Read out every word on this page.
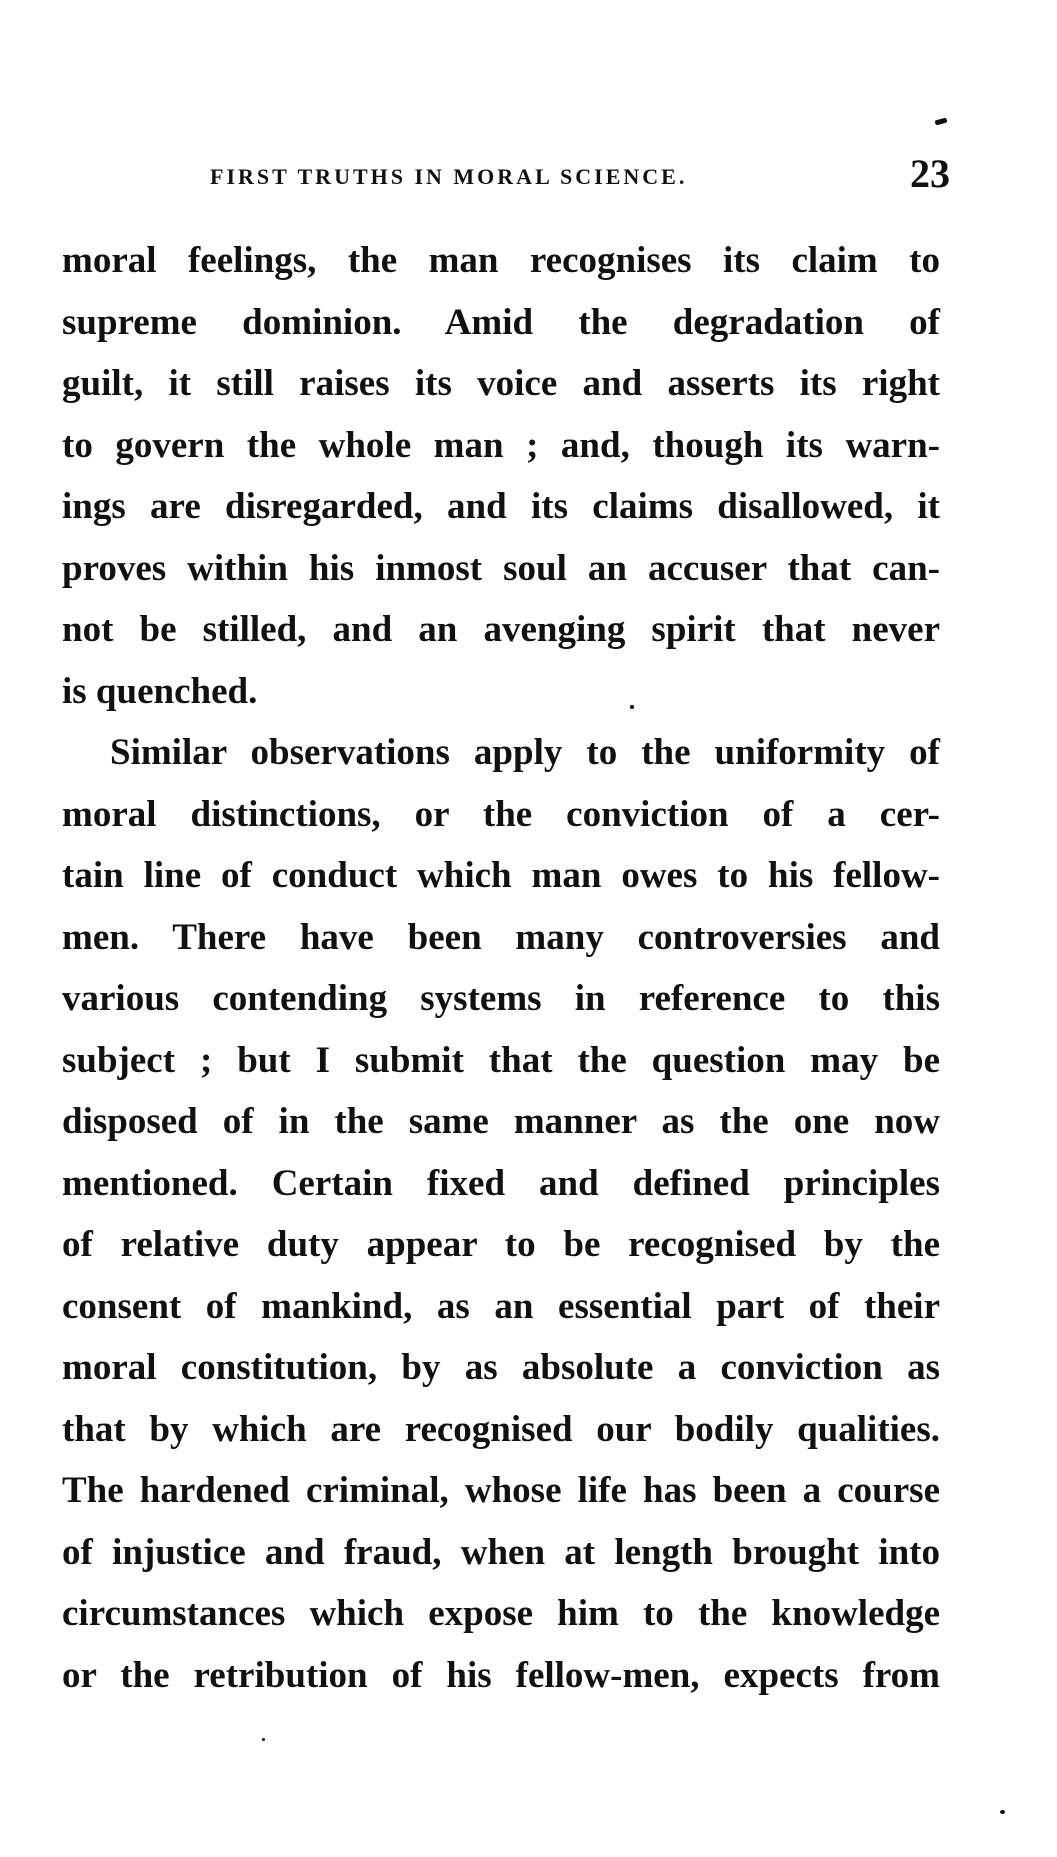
FIRST TRUTHS IN MORAL SCIENCE.	23
moral feelings, the man recognises its claim to
supreme dominion. Amid the degradation of
guilt, it still raises its voice and asserts its right
to govern the whole man ; and, though its warn-
ings are disregarded, and its claims disallowed, it
proves within his inmost soul an accuser that can-
not be stilled, and an avenging spirit that never
is quenched.
Similar observations apply to the uniformity of
moral distinctions, or the conviction of a cer-
tain line of conduct which man owes to his fellow-
men. There have been many controversies and
various contending systems in reference to this
subject ; but I submit that the question may be
disposed of in the same manner as the one now
mentioned. Certain fixed and defined principles
of relative duty appear to be recognised by the
consent of mankind, as an essential part of their
moral constitution, by as absolute a conviction as
that by which are recognised our bodily qualities.
The hardened criminal, whose life has been a course
of injustice and fraud, when at length brought into
circumstances which expose him to the knowledge
or the retribution of his fellow-men, expects from
